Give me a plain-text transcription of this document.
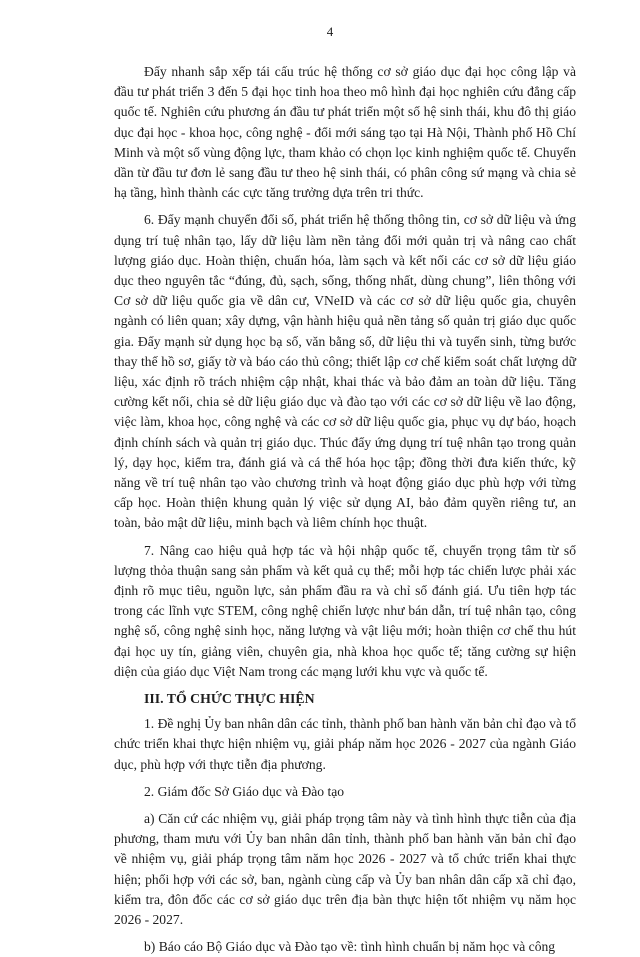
4

Đẩy nhanh sắp xếp tái cấu trúc hệ thống cơ sở giáo dục đại học công lập và đầu tư phát triển 3 đến 5 đại học tinh hoa theo mô hình đại học nghiên cứu đẳng cấp quốc tế. Nghiên cứu phương án đầu tư phát triển một số hệ sinh thái, khu đô thị giáo dục đại học - khoa học, công nghệ - đổi mới sáng tạo tại Hà Nội, Thành phố Hồ Chí Minh và một số vùng động lực, tham khảo có chọn lọc kinh nghiệm quốc tế. Chuyển dần từ đầu tư đơn lẻ sang đầu tư theo hệ sinh thái, có phân công sứ mạng và chia sẻ hạ tầng, hình thành các cực tăng trưởng dựa trên tri thức.

6. Đẩy mạnh chuyển đổi số, phát triển hệ thống thông tin, cơ sở dữ liệu và ứng dụng trí tuệ nhân tạo, lấy dữ liệu làm nền tảng đổi mới quản trị và nâng cao chất lượng giáo dục. Hoàn thiện, chuẩn hóa, làm sạch và kết nối các cơ sở dữ liệu giáo dục theo nguyên tắc “đúng, đủ, sạch, sống, thống nhất, dùng chung”, liên thông với Cơ sở dữ liệu quốc gia về dân cư, VNeID và các cơ sở dữ liệu quốc gia, chuyên ngành có liên quan; xây dựng, vận hành hiệu quả nền tảng số quản trị giáo dục quốc gia. Đẩy mạnh sử dụng học bạ số, văn bằng số, dữ liệu thi và tuyển sinh, từng bước thay thế hồ sơ, giấy tờ và báo cáo thủ công; thiết lập cơ chế kiểm soát chất lượng dữ liệu, xác định rõ trách nhiệm cập nhật, khai thác và bảo đảm an toàn dữ liệu. Tăng cường kết nối, chia sẻ dữ liệu giáo dục và đào tạo với các cơ sở dữ liệu về lao động, việc làm, khoa học, công nghệ và các cơ sở dữ liệu quốc gia, phục vụ dự báo, hoạch định chính sách và quản trị giáo dục. Thúc đẩy ứng dụng trí tuệ nhân tạo trong quản lý, dạy học, kiểm tra, đánh giá và cá thể hóa học tập; đồng thời đưa kiến thức, kỹ năng về trí tuệ nhân tạo vào chương trình và hoạt động giáo dục phù hợp với từng cấp học. Hoàn thiện khung quản lý việc sử dụng AI, bảo đảm quyền riêng tư, an toàn, bảo mật dữ liệu, minh bạch và liêm chính học thuật.

7. Nâng cao hiệu quả hợp tác và hội nhập quốc tế, chuyển trọng tâm từ số lượng thỏa thuận sang sản phẩm và kết quả cụ thể; mỗi hợp tác chiến lược phải xác định rõ mục tiêu, nguồn lực, sản phẩm đầu ra và chỉ số đánh giá. Ưu tiên hợp tác trong các lĩnh vực STEM, công nghệ chiến lược như bán dẫn, trí tuệ nhân tạo, công nghệ số, công nghệ sinh học, năng lượng và vật liệu mới; hoàn thiện cơ chế thu hút đại học uy tín, giảng viên, chuyên gia, nhà khoa học quốc tế; tăng cường sự hiện diện của giáo dục Việt Nam trong các mạng lưới khu vực và quốc tế.

III. TỔ CHỨC THỰC HIỆN

1. Đề nghị Ủy ban nhân dân các tỉnh, thành phố ban hành văn bản chỉ đạo và tổ chức triển khai thực hiện nhiệm vụ, giải pháp năm học 2026 - 2027 của ngành Giáo dục, phù hợp với thực tiễn địa phương.

2. Giám đốc Sở Giáo dục và Đào tạo

a) Căn cứ các nhiệm vụ, giải pháp trọng tâm này và tình hình thực tiễn của địa phương, tham mưu với Ủy ban nhân dân tỉnh, thành phố ban hành văn bản chỉ đạo về nhiệm vụ, giải pháp trọng tâm năm học 2026 - 2027 và tổ chức triển khai thực hiện; phối hợp với các sở, ban, ngành cùng cấp và Ủy ban nhân dân cấp xã chỉ đạo, kiểm tra, đôn đốc các cơ sở giáo dục trên địa bàn thực hiện tốt nhiệm vụ năm học 2026 - 2027.

b) Báo cáo Bộ Giáo dục và Đào tạo về: tình hình chuẩn bị năm học và công
